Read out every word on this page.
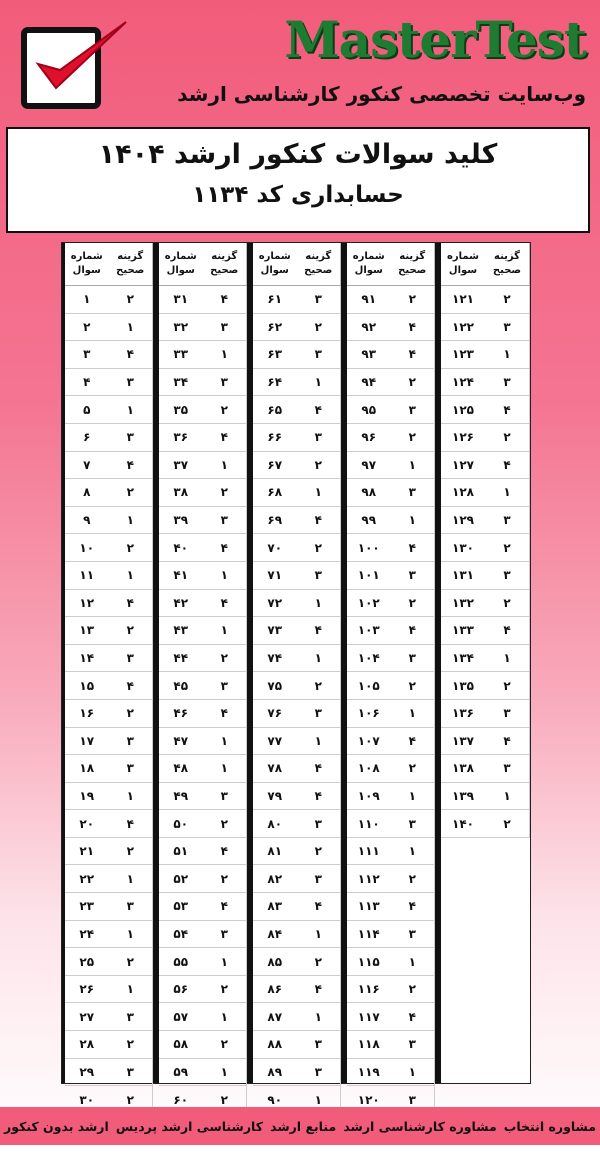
MasterTest
وب‌سایت تخصصی کنکور کارشناسی ارشد
کلید سوالات کنکور ارشد ۱۴۰۴
حسابداری کد ۱۱۳۴
شماره سوال
گزینه صحیح
۱	۲
۲	۱
۳	۴
۴	۳
۵	۱
۶	۳
۷	۴
۸	۲
۹	۱
۱۰	۲
۱۱	۱
۱۲	۴
۱۳	۲
۱۴	۳
۱۵	۴
۱۶	۲
۱۷	۳
۱۸	۳
۱۹	۱
۲۰	۴
۲۱	۲
۲۲	۱
۲۳	۳
۲۴	۱
۲۵	۲
۲۶	۱
۲۷	۳
۲۸	۲
۲۹	۳
۳۰	۲
شماره سوال
گزینه صحیح
۳۱	۴
۳۲	۳
۳۳	۱
۳۴	۳
۳۵	۲
۳۶	۴
۳۷	۱
۳۸	۲
۳۹	۳
۴۰	۴
۴۱	۱
۴۲	۴
۴۳	۱
۴۴	۲
۴۵	۳
۴۶	۴
۴۷	۱
۴۸	۱
۴۹	۳
۵۰	۲
۵۱	۴
۵۲	۲
۵۳	۴
۵۴	۳
۵۵	۱
۵۶	۲
۵۷	۱
۵۸	۲
۵۹	۱
۶۰	۲
شماره سوال
گزینه صحیح
۶۱	۳
۶۲	۲
۶۳	۳
۶۴	۱
۶۵	۴
۶۶	۳
۶۷	۲
۶۸	۱
۶۹	۴
۷۰	۲
۷۱	۳
۷۲	۱
۷۳	۴
۷۴	۱
۷۵	۲
۷۶	۳
۷۷	۱
۷۸	۴
۷۹	۴
۸۰	۳
۸۱	۲
۸۲	۳
۸۳	۴
۸۴	۱
۸۵	۲
۸۶	۴
۸۷	۱
۸۸	۳
۸۹	۳
۹۰	۱
شماره سوال
گزینه صحیح
۹۱	۲
۹۲	۴
۹۳	۴
۹۴	۲
۹۵	۳
۹۶	۲
۹۷	۱
۹۸	۳
۹۹	۱
۱۰۰	۴
۱۰۱	۳
۱۰۲	۲
۱۰۳	۴
۱۰۴	۳
۱۰۵	۲
۱۰۶	۱
۱۰۷	۴
۱۰۸	۲
۱۰۹	۱
۱۱۰	۳
۱۱۱	۱
۱۱۲	۲
۱۱۳	۴
۱۱۴	۳
۱۱۵	۱
۱۱۶	۲
۱۱۷	۴
۱۱۸	۳
۱۱۹	۱
۱۲۰	۳
شماره سوال
گزینه صحیح
۱۲۱	۲
۱۲۲	۳
۱۲۳	۱
۱۲۴	۳
۱۲۵	۴
۱۲۶	۲
۱۲۷	۴
۱۲۸	۱
۱۲۹	۳
۱۳۰	۲
۱۳۱	۳
۱۳۲	۲
۱۳۳	۴
۱۳۴	۱
۱۳۵	۲
۱۳۶	۳
۱۳۷	۴
۱۳۸	۳
۱۳۹	۱
۱۴۰	۲
ارشد بدون کنکور کارشناسی ارشد پردیس منابع ارشد مشاوره کارشناسی ارشد مشاوره انتخاب
